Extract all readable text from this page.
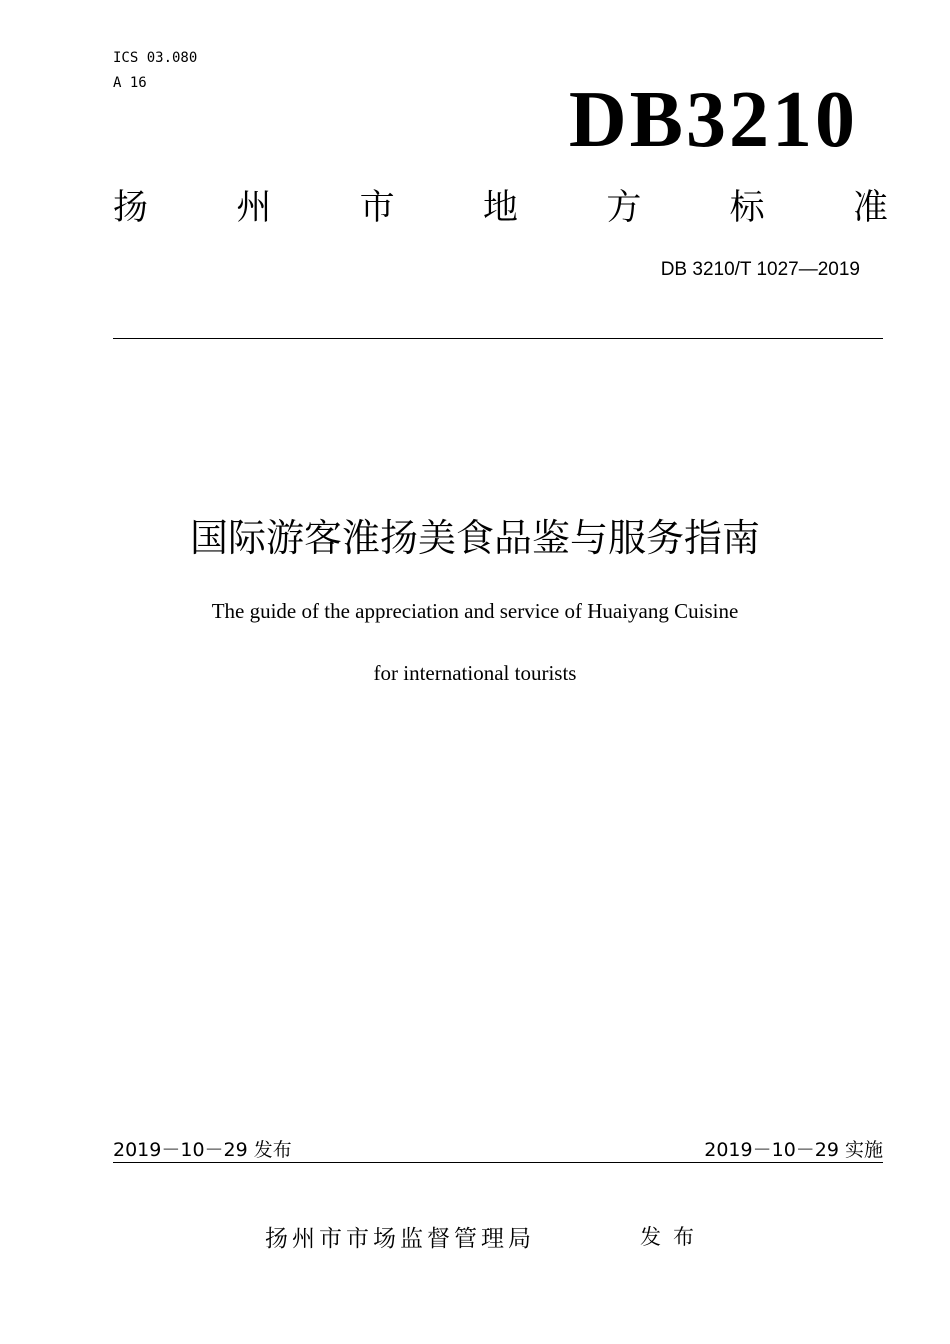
ICS 03.080
A 16	DB3210
扬	州	市	地	方	标	准
DB 3210/T 1027—2019
国际游客淮扬美食品鉴与服务指南
The guide of the appreciation and service of Huaiyang Cuisine
for international tourists
2019－10－29 发布	2019－10－29 实施
扬州市市场监督管理局	发布
